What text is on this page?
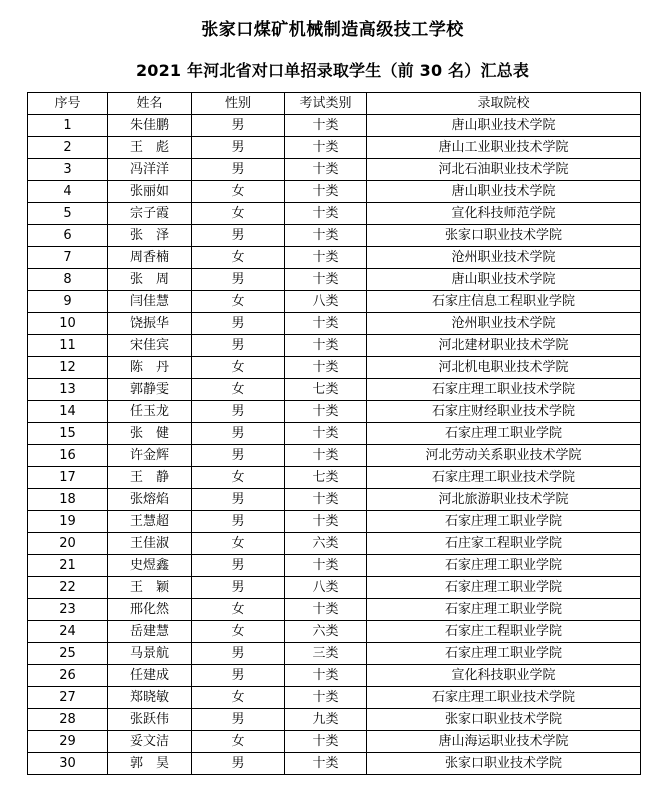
张家口煤矿机械制造高级技工学校
2021 年河北省对口单招录取学生（前 30 名）汇总表
序号	姓名	性别	考试类别	录取院校
1	朱佳鹏	男	十类	唐山职业技术学院
2	王　彪	男	十类	唐山工业职业技术学院
3	冯洋洋	男	十类	河北石油职业技术学院
4	张丽如	女	十类	唐山职业技术学院
5	宗子霞	女	十类	宣化科技师范学院
6	张　泽	男	十类	张家口职业技术学院
7	周香楠	女	十类	沧州职业技术学院
8	张　周	男	十类	唐山职业技术学院
9	闫佳慧	女	八类	石家庄信息工程职业学院
10	饶振华	男	十类	沧州职业技术学院
11	宋佳宾	男	十类	河北建材职业技术学院
12	陈　丹	女	十类	河北机电职业技术学院
13	郭静雯	女	七类	石家庄理工职业技术学院
14	任玉龙	男	十类	石家庄财经职业技术学院
15	张　健	男	十类	石家庄理工职业学院
16	许金辉	男	十类	河北劳动关系职业技术学院
17	王　静	女	七类	石家庄理工职业技术学院
18	张熔焰	男	十类	河北旅游职业技术学院
19	王慧超	男	十类	石家庄理工职业学院
20	王佳淑	女	六类	石庄家工程职业学院
21	史煜鑫	男	十类	石家庄理工职业学院
22	王　颖	男	八类	石家庄理工职业学院
23	邢化然	女	十类	石家庄理工职业学院
24	岳建慧	女	六类	石家庄工程职业学院
25	马景航	男	三类	石家庄理工职业学院
26	任建成	男	十类	宣化科技职业学院
27	郑晓敏	女	十类	石家庄理工职业技术学院
28	张跃伟	男	九类	张家口职业技术学院
29	妥文洁	女	十类	唐山海运职业技术学院
30	郭　昊	男	十类	张家口职业技术学院
